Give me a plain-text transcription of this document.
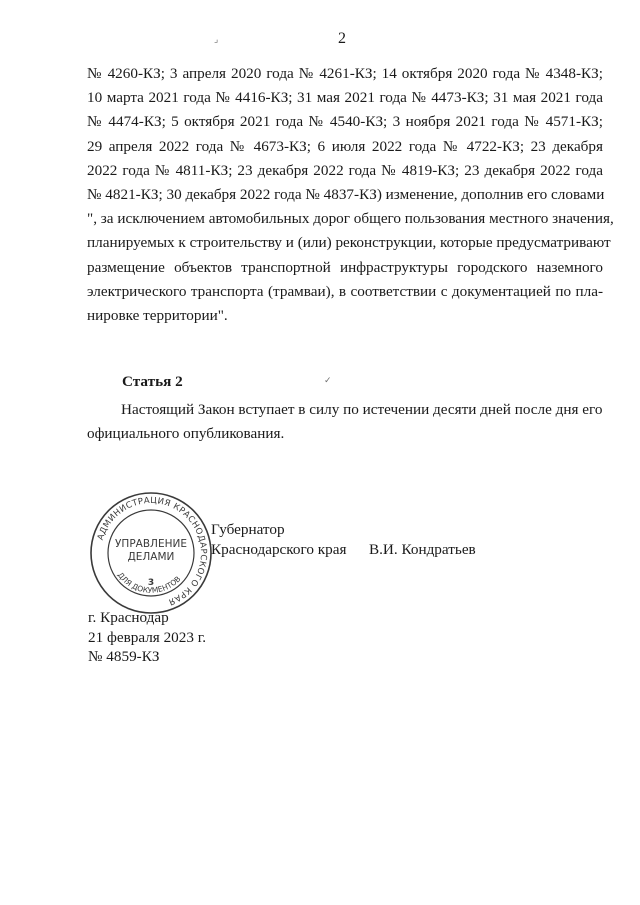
2
№ 4260-КЗ; 3 апреля 2020 года № 4261-КЗ; 14 октября 2020 года № 4348-КЗ;
10 марта 2021 года № 4416-КЗ; 31 мая 2021 года № 4473-КЗ; 31 мая 2021 года
№ 4474-КЗ; 5 октября 2021 года № 4540-КЗ; 3 ноября 2021 года № 4571-КЗ;
29 апреля 2022 года № 4673-КЗ; 6 июля 2022 года № 4722-КЗ; 23 декабря
2022 года № 4811-КЗ; 23 декабря 2022 года № 4819-КЗ; 23 декабря 2022 года
№ 4821-КЗ; 30 декабря 2022 года № 4837-КЗ) изменение, дополнив его словами
", за исключением автомобильных дорог общего пользования местного значения,
планируемых к строительству и (или) реконструкции, которые предусматривают
размещение объектов транспортной инфраструктуры городского наземного
электрического транспорта (трамваи), в соответствии с документацией по пла-
нировке территории".
Статья 2
Настоящий Закон вступает в силу по истечении десяти дней после дня его
официального опубликования.
АДМИНИСТРАЦИЯ КРАСНОДАРСКОГО КРАЯ
УПРАВЛЕНИЕ
ДЕЛАМИ
3
ДЛЯ ДОКУМЕНТОВ
Губернатор
Краснодарского края В.И. Кондратьев
г. Краснодар
21 февраля 2023 г.
№ 4859-КЗ
⌟
✓
